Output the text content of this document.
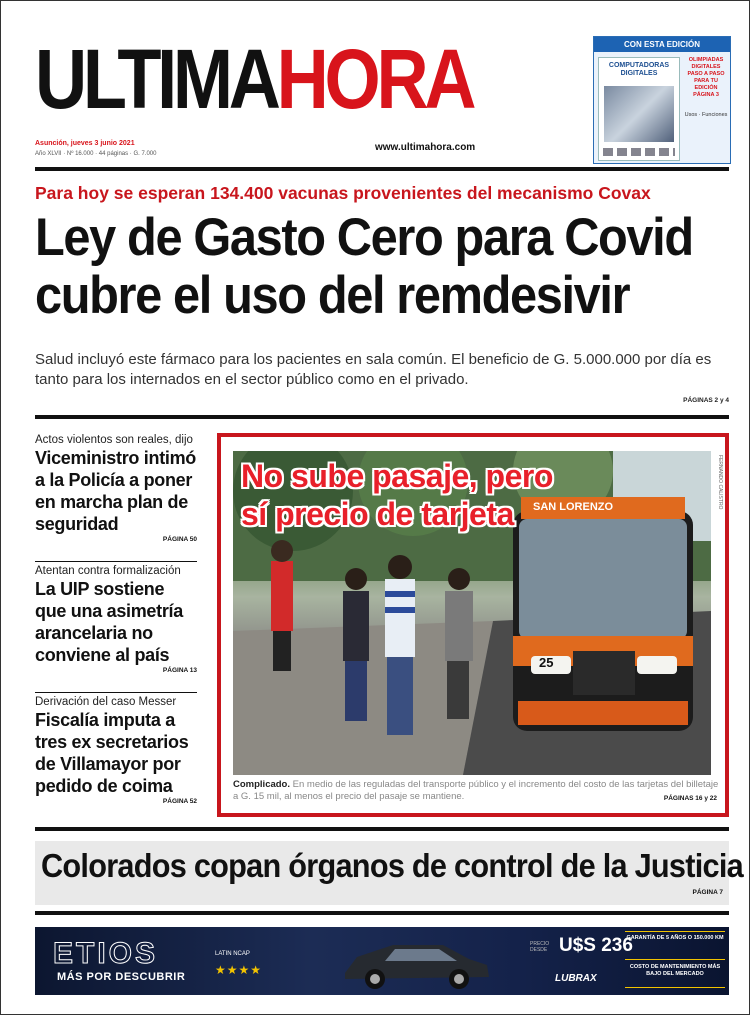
ULTIMAHORA
Asunción, jueves 3 junio 2021
Año XLVII · Nº 16.000 · 44 páginas · G. 7.000
www.ultimahora.com
CON ESTA EDICIÓN
COMPUTADORAS DIGITALES
OLIMPIADAS DIGITALES PASO A PASO PARA TU EDICIÓN PÁGINA 3
Usos · Funciones
Para hoy se esperan 134.400 vacunas provenientes del mecanismo Covax
Ley de Gasto Cero para Covid
cubre el uso del remdesivir
Salud incluyó este fármaco para los pacientes en sala común. El beneficio de G. 5.000.000 por día es tanto para los internados en el sector público como en el privado.
PÁGINAS 2 y 4
Actos violentos son reales, dijo
Viceministro intimó a la Policía a poner en marcha plan de seguridad
PÁGINA 50
Atentan contra formalización
La UIP sostiene que una asimetría arancelaria no conviene al país
PÁGINA 13
Derivación del caso Messer
Fiscalía imputa a tres ex secretarios de Villamayor por pedido de coima
PÁGINA 52
No sube pasaje, pero
sí precio de tarjeta	SAN LORENZO
25
FERNANDO CALISTRO
Complicado. En medio de las reguladas del transporte público y el incremento del costo de las tarjetas del billetaje a G. 15 mil, al menos el precio del pasaje se mantiene.	PÁGINAS 16 y 22
Colorados copan órganos de control de la Justicia
PÁGINA 7
ETIOS
MÁS POR DESCUBRIR
LATIN NCAP
★★★★
PRECIO DESDE U$S 236
LUBRAX
GARANTÍA DE 5 AÑOS O 150.000 KM
COSTO DE MANTENIMIENTO MÁS BAJO DEL MERCADO
